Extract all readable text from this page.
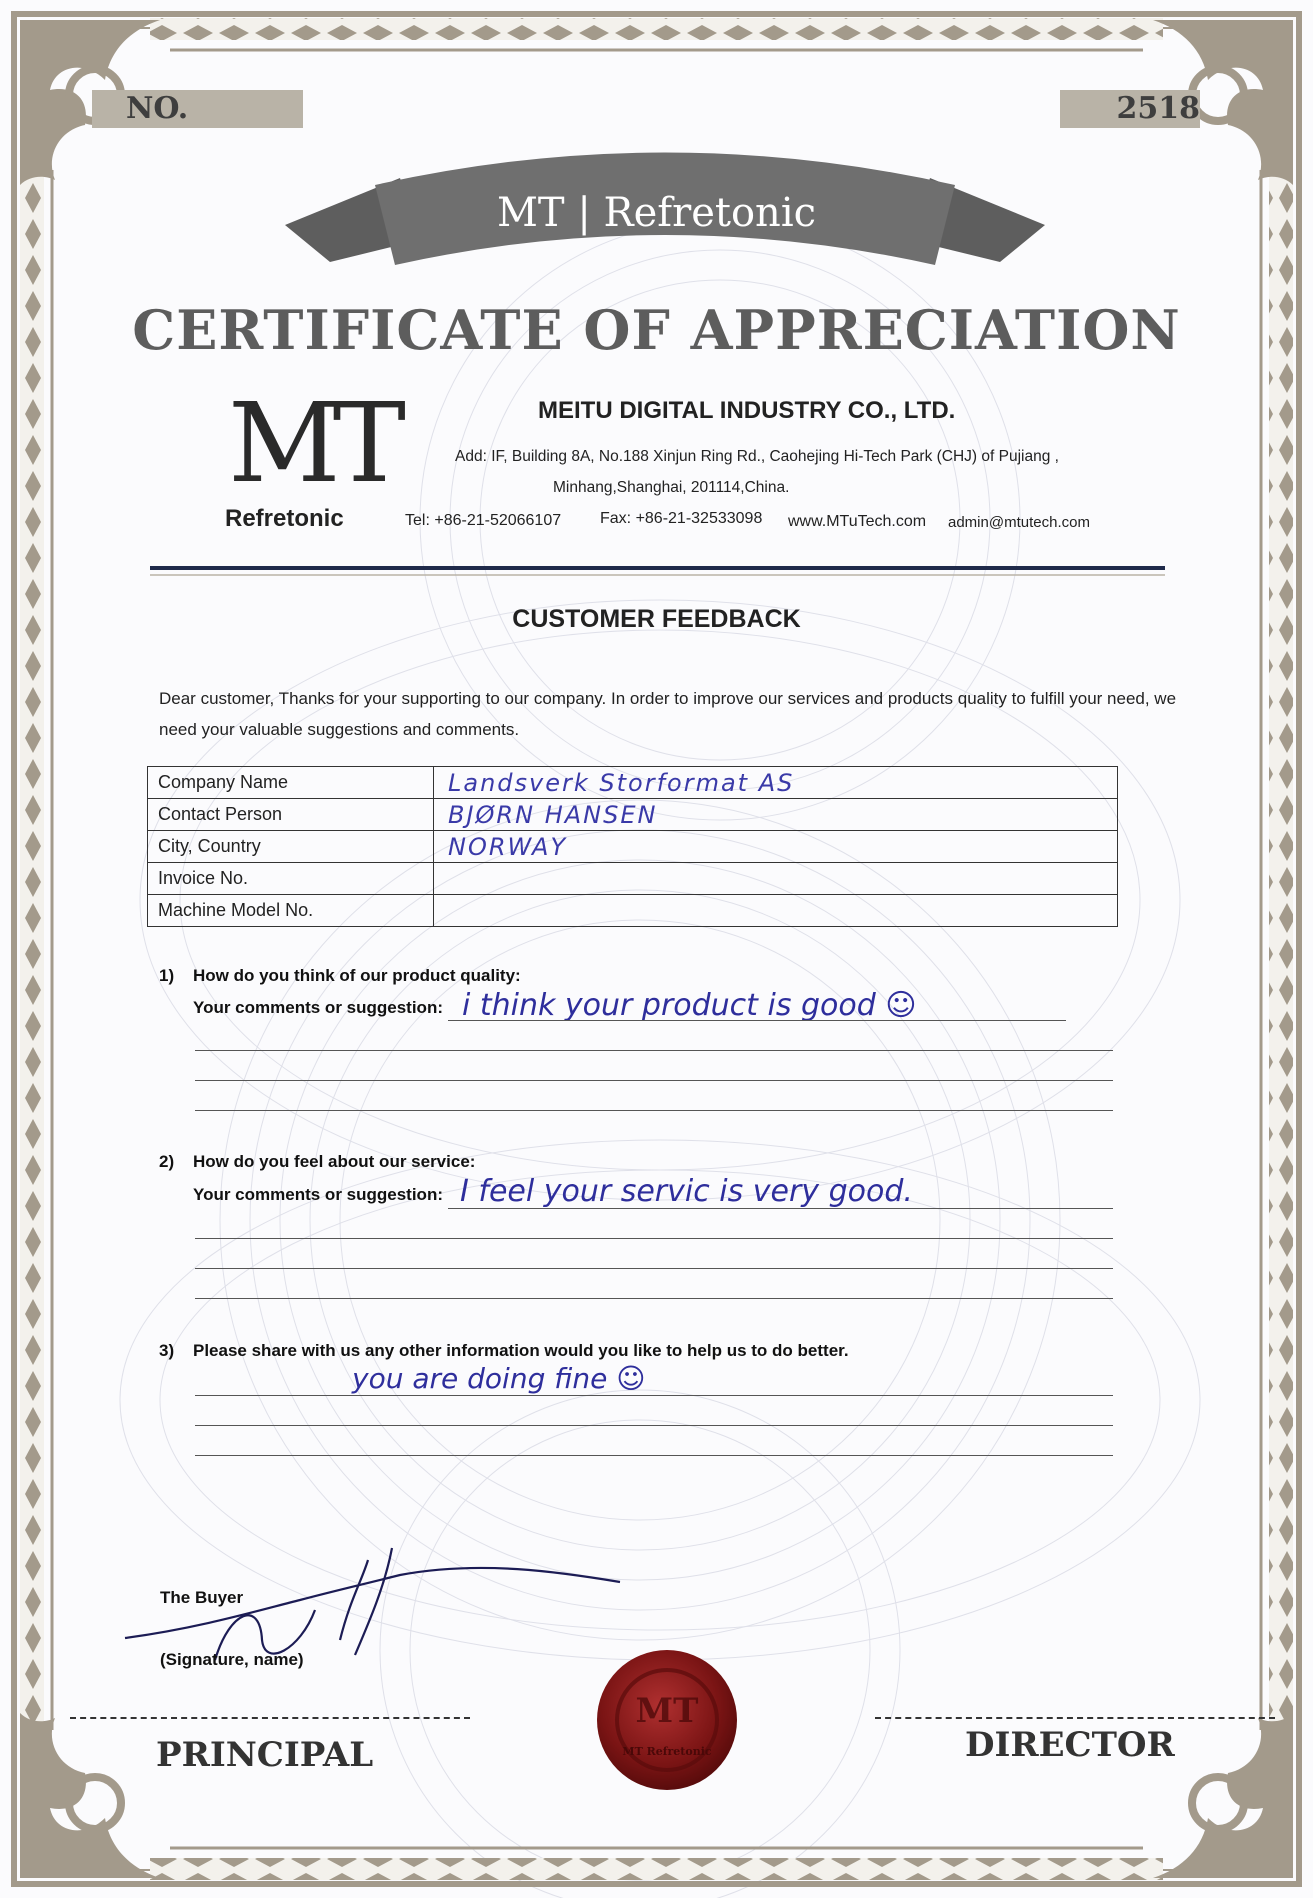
MT
NO.	2518
MT | Refretonic
CERTIFICATE OF APPRECIATION
MT
Refretonic
MEITU DIGITAL INDUSTRY CO., LTD.
Add: IF, Building 8A, No.188 Xinjun Ring Rd., Caohejing Hi-Tech Park (CHJ) of Pujiang ,
Minhang,Shanghai, 201114,China.
Tel: +86-21-52066107 Fax: +86-21-32533098 www.MTuTech.com admin@mtutech.com
CUSTOMER FEEDBACK
Dear customer, Thanks for your supporting to our company. In order to improve our services and products quality to fulfill your need, we need your valuable suggestions and comments.
Company Name	Landsverk Storformat AS
Contact Person	BJØRN HANSEN
City, Country	NORWAY
Invoice No.	
Machine Model No.	
1) How do you think of our product quality:
Your comments or suggestion: i think your product is good ☺
2) How do you feel about our service:
Your comments or suggestion: I feel your servic is very good.
3) Please share with us any other information would you like to help us to do better.
you are doing fine ☺
The Buyer
(Signature, name)
MT Refretonic
PRINCIPAL	DIRECTOR
